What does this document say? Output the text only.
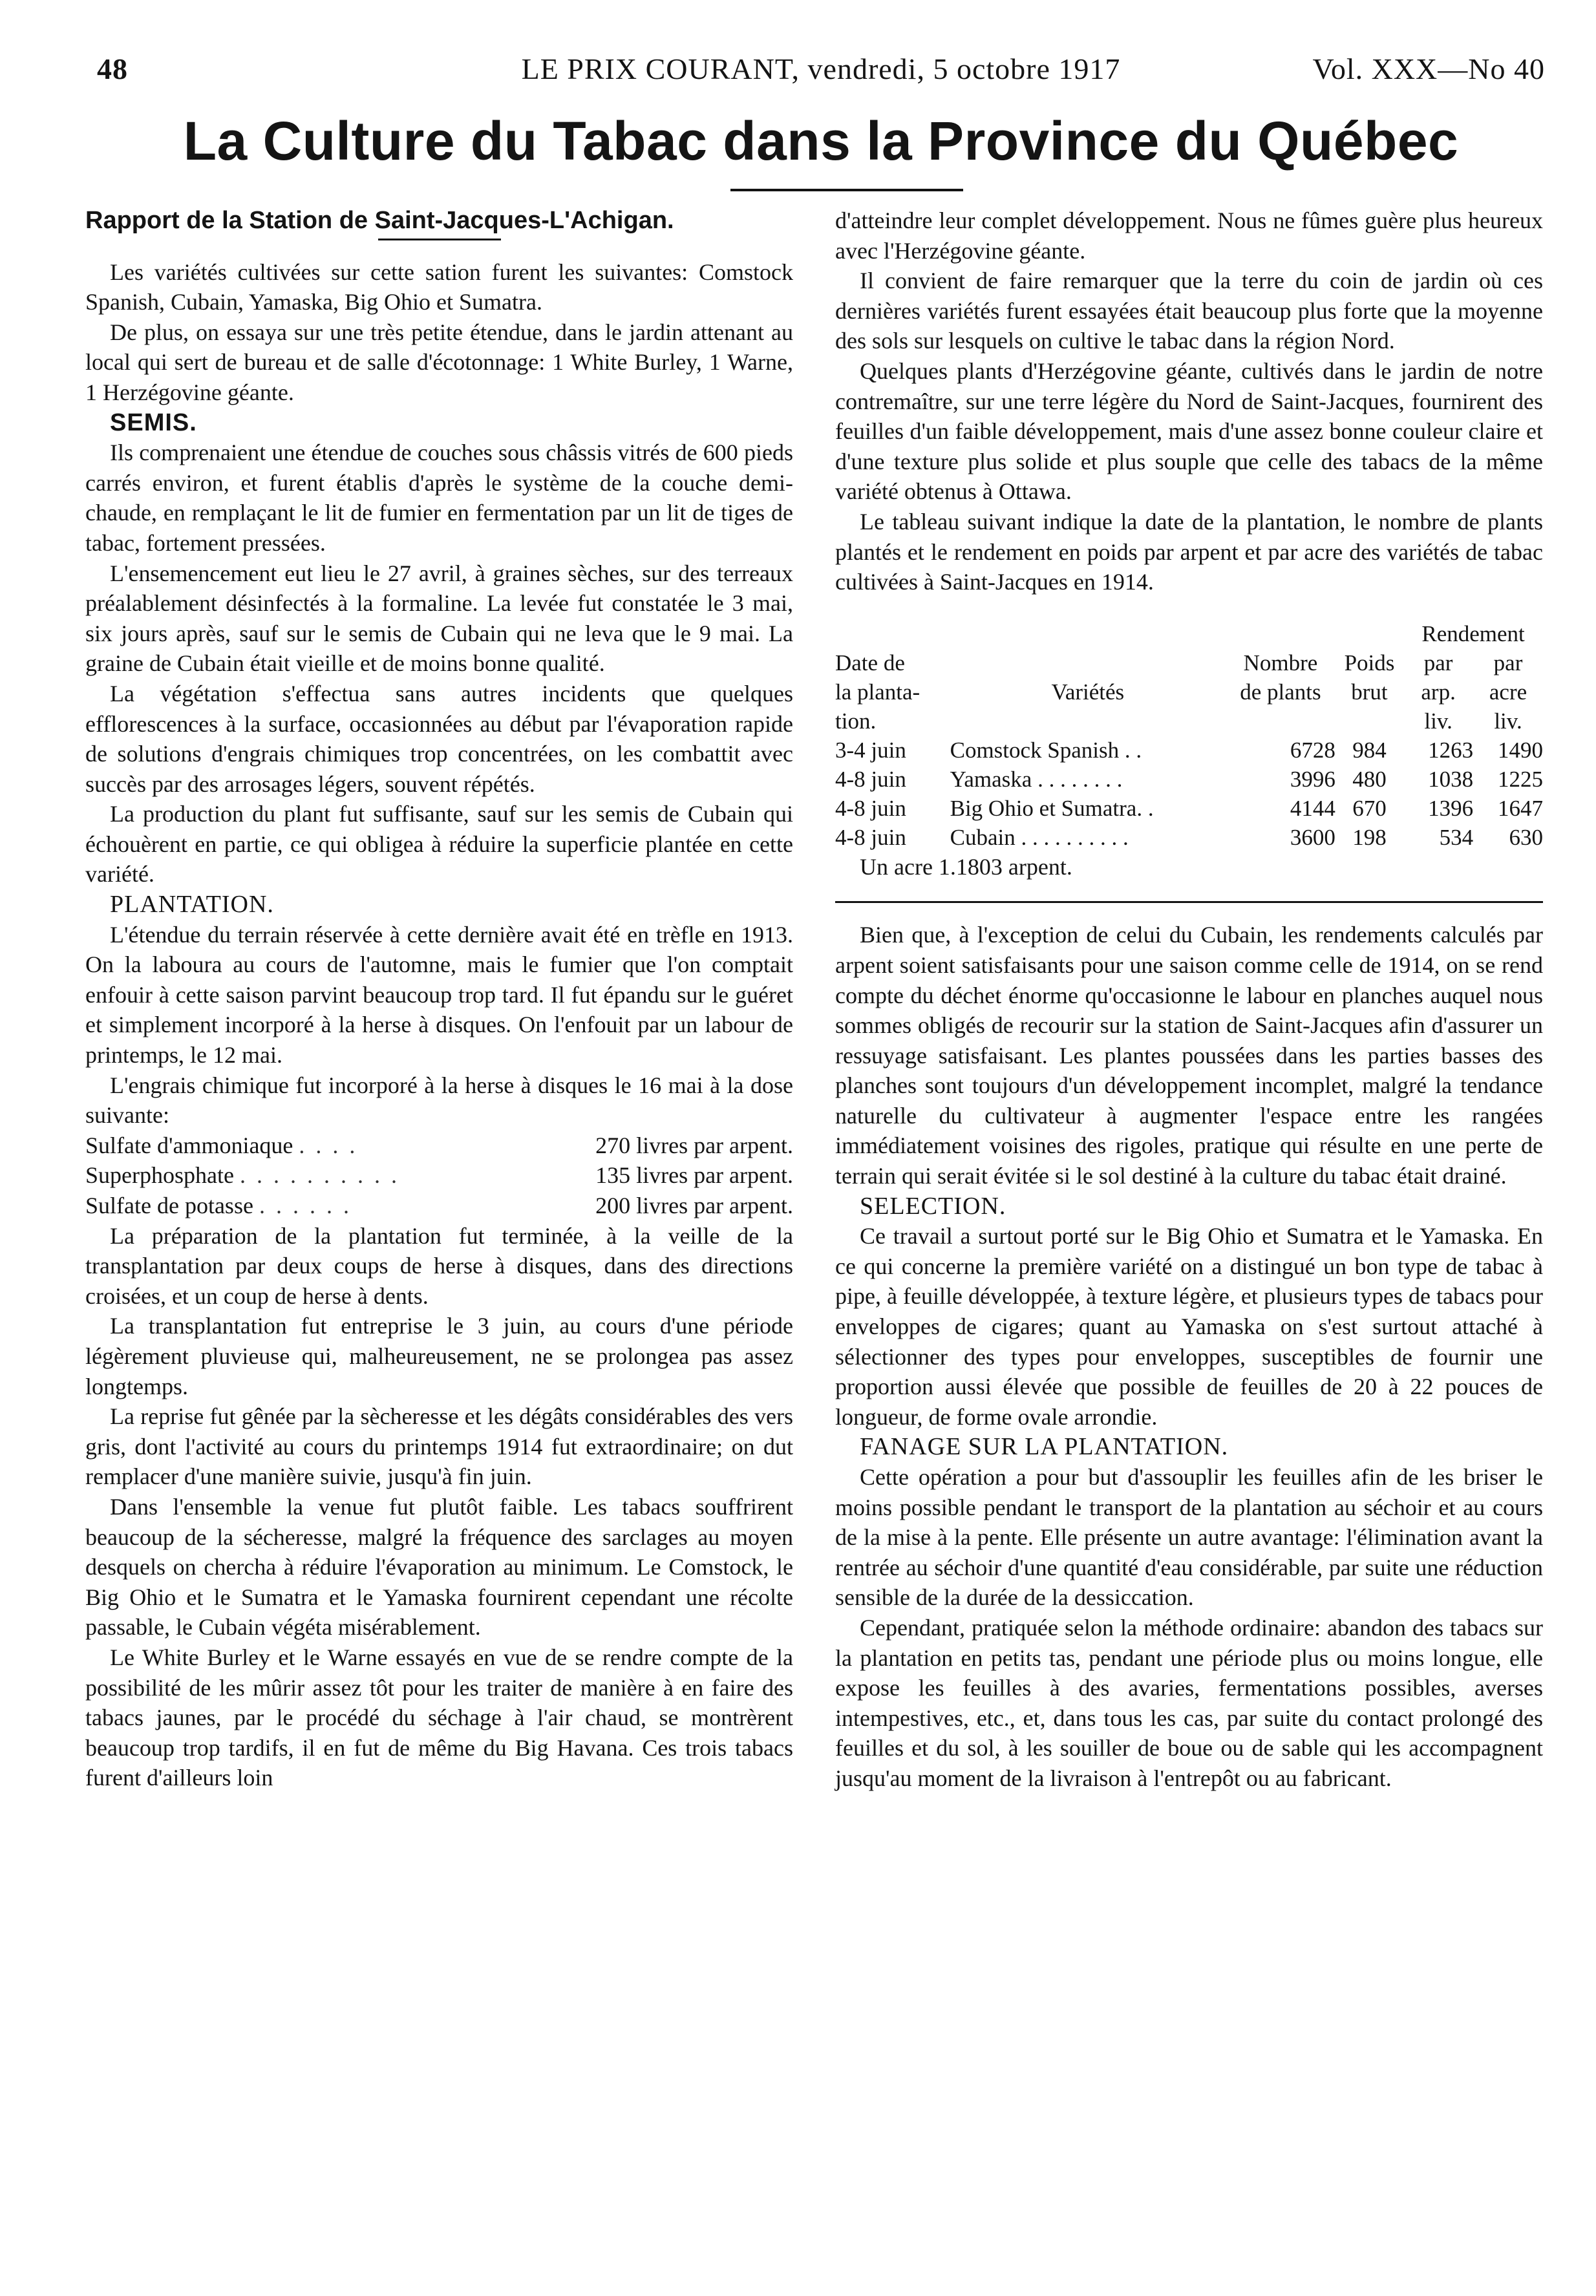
48	LE PRIX COURANT, vendredi, 5 octobre 1917	Vol. XXX—No 40
La Culture du Tabac dans la Province du Québec

Rapport de la Station de Saint-Jacques-L'Achigan.

Les variétés cultivées sur cette sation furent les suivantes: Comstock Spanish, Cubain, Yamaska, Big Ohio et Sumatra.

De plus, on essaya sur une très petite étendue, dans le jardin attenant au local qui sert de bureau et de salle d'écotonnage: 1 White Burley, 1 Warne, 1 Herzégovine géante.

SEMIS.

Ils comprenaient une étendue de couches sous châssis vitrés de 600 pieds carrés environ, et furent établis d'après le système de la couche demi-chaude, en remplaçant le lit de fumier en fermentation par un lit de tiges de tabac, fortement pressées.

L'ensemencement eut lieu le 27 avril, à graines sèches, sur des terreaux préalablement désinfectés à la formaline. La levée fut constatée le 3 mai, six jours après, sauf sur le semis de Cubain qui ne leva que le 9 mai. La graine de Cubain était vieille et de moins bonne qualité.

La végétation s'effectua sans autres incidents que quelques efflorescences à la surface, occasionnées au début par l'évaporation rapide de solutions d'engrais chimiques trop concentrées, on les combattit avec succès par des arrosages légers, souvent répétés.

La production du plant fut suffisante, sauf sur les semis de Cubain qui échouèrent en partie, ce qui obligea à réduire la superficie plantée en cette variété.

PLANTATION.

L'étendue du terrain réservée à cette dernière avait été en trèfle en 1913. On la laboura au cours de l'automne, mais le fumier que l'on comptait enfouir à cette saison parvint beaucoup trop tard. Il fut épandu sur le guéret et simplement incorporé à la herse à disques. On l'enfouit par un labour de printemps, le 12 mai.

L'engrais chimique fut incorporé à la herse à disques le 16 mai à la dose suivante:

Sulfate d'ammoniaque . . . .	270 livres par arpent.
Superphosphate . . . . . . . . . .	135 livres par arpent.
Sulfate de potasse . . . . . .	200 livres par arpent.

La préparation de la plantation fut terminée, à la veille de la transplantation par deux coups de herse à disques, dans des directions croisées, et un coup de herse à dents.

La transplantation fut entreprise le 3 juin, au cours d'une période légèrement pluvieuse qui, malheureusement, ne se prolongea pas assez longtemps.

La reprise fut gênée par la sècheresse et les dégâts considérables des vers gris, dont l'activité au cours du printemps 1914 fut extraordinaire; on dut remplacer d'une manière suivie, jusqu'à fin juin.

Dans l'ensemble la venue fut plutôt faible. Les tabacs souffrirent beaucoup de la sécheresse, malgré la fréquence des sarclages au moyen desquels on chercha à réduire l'évaporation au minimum. Le Comstock, le Big Ohio et le Sumatra et le Yamaska fournirent cependant une récolte passable, le Cubain végéta misérablement.

Le White Burley et le Warne essayés en vue de se rendre compte de la possibilité de les mûrir assez tôt pour les traiter de manière à en faire des tabacs jaunes, par le procédé du séchage à l'air chaud, se montrèrent beaucoup trop tardifs, il en fut de même du Big Havana. Ces trois tabacs furent d'ailleurs loin

d'atteindre leur complet développement. Nous ne fûmes guère plus heureux avec l'Herzégovine géante.

Il convient de faire remarquer que la terre du coin de jardin où ces dernières variétés furent essayées était beaucoup plus forte que la moyenne des sols sur lesquels on cultive le tabac dans la région Nord.

Quelques plants d'Herzégovine géante, cultivés dans le jardin de notre contremaître, sur une terre légère du Nord de Saint-Jacques, fournirent des feuilles d'un faible développement, mais d'une assez bonne couleur claire et d'une texture plus solide et plus souple que celle des tabacs de la même variété obtenus à Ottawa.

Le tableau suivant indique la date de la plantation, le nombre de plants plantés et le rendement en poids par arpent et par acre des variétés de tabac cultivées à Saint-Jacques en 1914.

				Rendement	
Date de		Nombre	Poids	par	par
la planta-	Variétés	de plants	brut	arp.	acre
tion.				liv.	liv.
3-4 juin	Comstock Spanish . .	6728	984	1263	1490
4-8 juin	Yamaska . . . . . . . .	3996	480	1038	1225
4-8 juin	Big Ohio et Sumatra. .	4144	670	1396	1647
4-8 juin	Cubain . . . . . . . . . .	3600	198	534	630

Un acre 1.1803 arpent.

Bien que, à l'exception de celui du Cubain, les rendements calculés par arpent soient satisfaisants pour une saison comme celle de 1914, on se rend compte du déchet énorme qu'occasionne le labour en planches auquel nous sommes obligés de recourir sur la station de Saint-Jacques afin d'assurer un ressuyage satisfaisant. Les plantes poussées dans les parties basses des planches sont toujours d'un développement incomplet, malgré la tendance naturelle du cultivateur à augmenter l'espace entre les rangées immédiatement voisines des rigoles, pratique qui résulte en une perte de terrain qui serait évitée si le sol destiné à la culture du tabac était drainé.

SELECTION.

Ce travail a surtout porté sur le Big Ohio et Sumatra et le Yamaska. En ce qui concerne la première variété on a distingué un bon type de tabac à pipe, à feuille développée, à texture légère, et plusieurs types de tabacs pour enveloppes de cigares; quant au Yamaska on s'est surtout attaché à sélectionner des types pour enveloppes, susceptibles de fournir une proportion aussi élevée que possible de feuilles de 20 à 22 pouces de longueur, de forme ovale arrondie.

FANAGE SUR LA PLANTATION.

Cette opération a pour but d'assouplir les feuilles afin de les briser le moins possible pendant le transport de la plantation au séchoir et au cours de la mise à la pente. Elle présente un autre avantage: l'élimination avant la rentrée au séchoir d'une quantité d'eau considérable, par suite une réduction sensible de la durée de la dessiccation.

Cependant, pratiquée selon la méthode ordinaire: abandon des tabacs sur la plantation en petits tas, pendant une période plus ou moins longue, elle expose les feuilles à des avaries, fermentations possibles, averses intempestives, etc., et, dans tous les cas, par suite du contact prolongé des feuilles et du sol, à les souiller de boue ou de sable qui les accompagnent jusqu'au moment de la livraison à l'entrepôt ou au fabricant.
